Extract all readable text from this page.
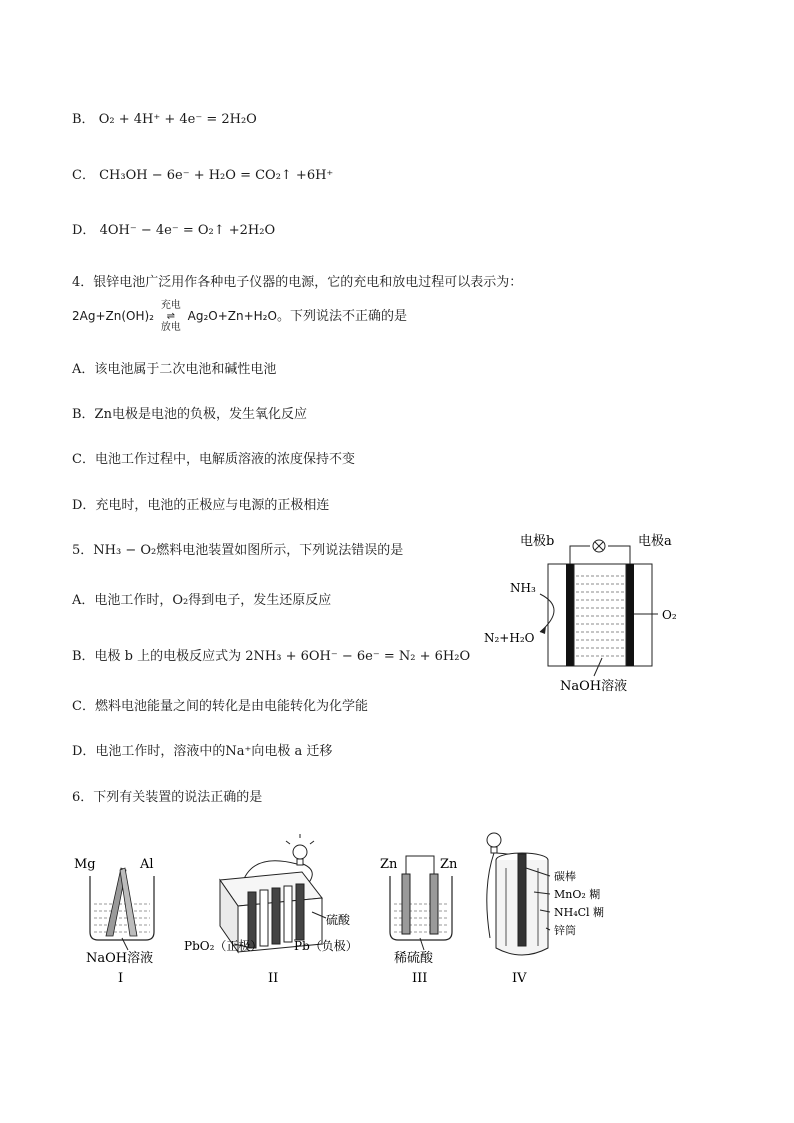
B． O₂ + 4H⁺ + 4e⁻ = 2H₂O
C． CH₃OH − 6e⁻ + H₂O = CO₂↑ +6H⁺
D． 4OH⁻ − 4e⁻ = O₂↑ +2H₂O
4．银锌电池广泛用作各种电子仪器的电源，它的充电和放电过程可以表示为：
2Ag+Zn(OH)₂
充电
⇌
放电
Ag₂O+Zn+H₂O。下列说法不正确的是
A．该电池属于二次电池和碱性电池
B．Zn电极是电池的负极，发生氧化反应
C．电池工作过程中，电解质溶液的浓度保持不变
D．充电时，电池的正极应与电源的正极相连
5．NH₃ − O₂燃料电池装置如图所示，下列说法错误的是
A．电池工作时，O₂得到电子，发生还原反应
B．电极 b 上的电极反应式为 2NH₃ + 6OH⁻ − 6e⁻ = N₂ + 6H₂O
C．燃料电池能量之间的转化是由电能转化为化学能
D．电池工作时，溶液中的Na⁺向电极 a 迁移
电极b	电极a
NH₃
N₂+H₂O
O₂
NaOH溶液
6．下列有关装置的说法正确的是
Mg	Al
NaOH溶液
I
硫酸
PbO₂（正极）	Pb（负极）
II
Zn	Zn
稀硫酸
III
碳棒
MnO₂ 糊
NH₄Cl 糊
锌筒
IV
